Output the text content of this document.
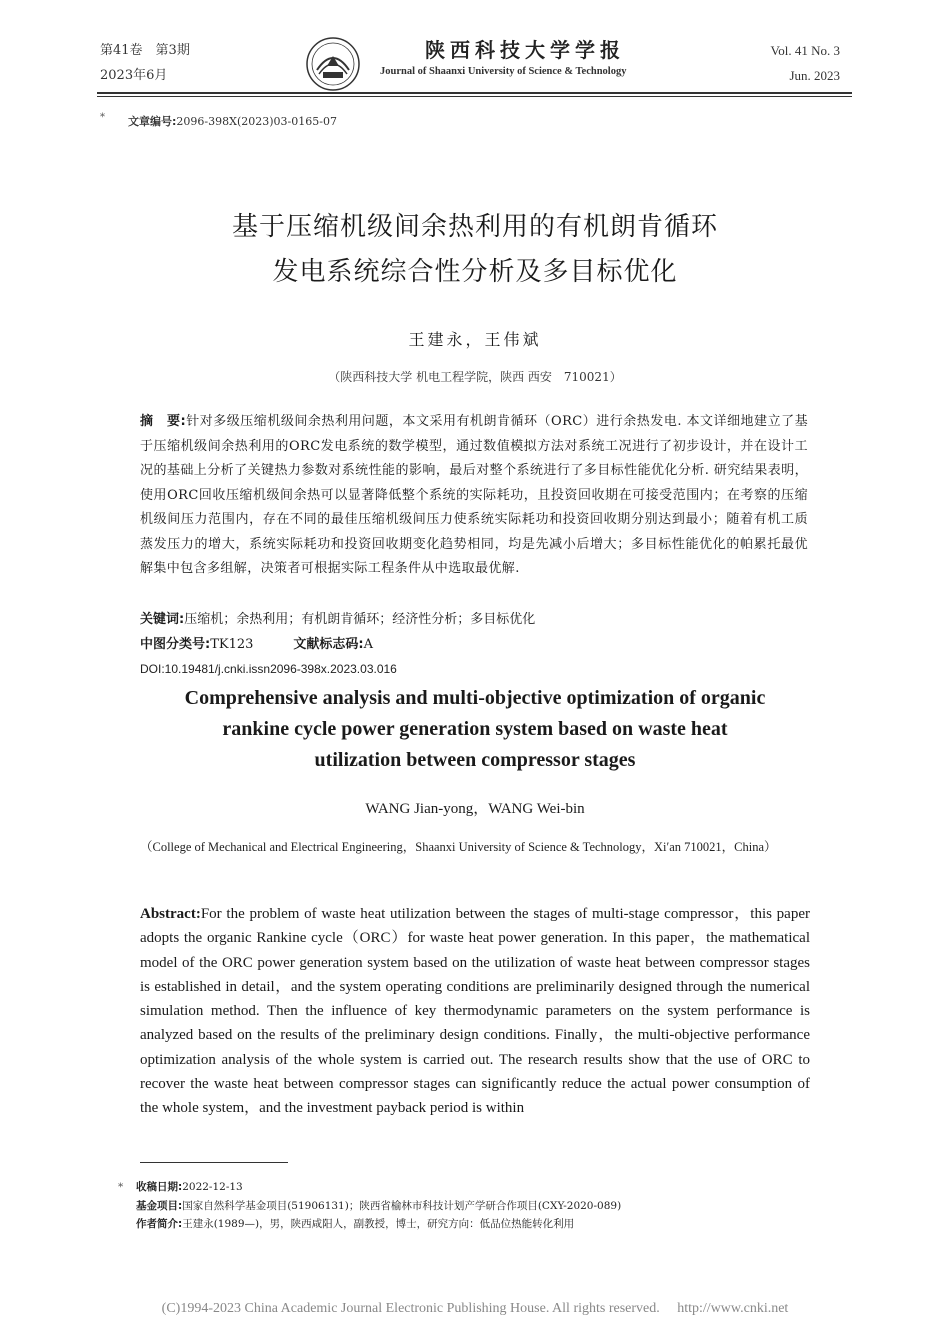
第41卷　第3期
2023年6月
陕西科技大学学报
Journal of Shaanxi University of Science & Technology
Vol. 41 No. 3
Jun. 2023
* 文章编号:2096-398X(2023)03-0165-07
基于压缩机级间余热利用的有机朗肯循环
发电系统综合性分析及多目标优化
王建永，王伟斌
（陕西科技大学 机电工程学院，陕西 西安　710021）
摘　要:针对多级压缩机级间余热利用问题，本文采用有机朗肯循环（ORC）进行余热发电. 本文详细地建立了基于压缩机级间余热利用的ORC发电系统的数学模型，通过数值模拟方法对系统工况进行了初步设计，并在设计工况的基础上分析了关键热力参数对系统性能的影响，最后对整个系统进行了多目标性能优化分析. 研究结果表明，使用ORC回收压缩机级间余热可以显著降低整个系统的实际耗功，且投资回收期在可接受范围内；在考察的压缩机级间压力范围内，存在不同的最佳压缩机级间压力使系统实际耗功和投资回收期分别达到最小；随着有机工质蒸发压力的增大，系统实际耗功和投资回收期变化趋势相同，均是先减小后增大；多目标性能优化的帕累托最优解集中包含多组解，决策者可根据实际工程条件从中选取最优解.
关键词:压缩机；余热利用；有机朗肯循环；经济性分析；多目标优化
中图分类号:TK123	文献标志码:A
DOI:10.19481/j.cnki.issn2096-398x.2023.03.016
Comprehensive analysis and multi-objective optimization of organic
rankine cycle power generation system based on waste heat
utilization between compressor stages
WANG Jian-yong，WANG Wei-bin
（College of Mechanical and Electrical Engineering，Shaanxi University of Science & Technology，Xi′an 710021，China）
Abstract:For the problem of waste heat utilization between the stages of multi-stage compressor，this paper adopts the organic Rankine cycle（ORC）for waste heat power generation. In this paper，the mathematical model of the ORC power generation system based on the utilization of waste heat between compressor stages is established in detail，and the system operating conditions are preliminarily designed through the numerical simulation method. Then the influence of key thermodynamic parameters on the system performance is analyzed based on the results of the preliminary design conditions. Finally，the multi-objective performance optimization analysis of the whole system is carried out. The research results show that the use of ORC to recover the waste heat between compressor stages can significantly reduce the actual power consumption of the whole system，and the investment payback period is within
* 收稿日期:2022-12-13
基金项目:国家自然科学基金项目(51906131)；陕西省榆林市科技计划产学研合作项目(CXY-2020-089)
作者简介:王建永(1989—)，男，陕西咸阳人，副教授，博士，研究方向：低品位热能转化利用
(C)1994-2023 China Academic Journal Electronic Publishing House. All rights reserved.　 http://www.cnki.net
